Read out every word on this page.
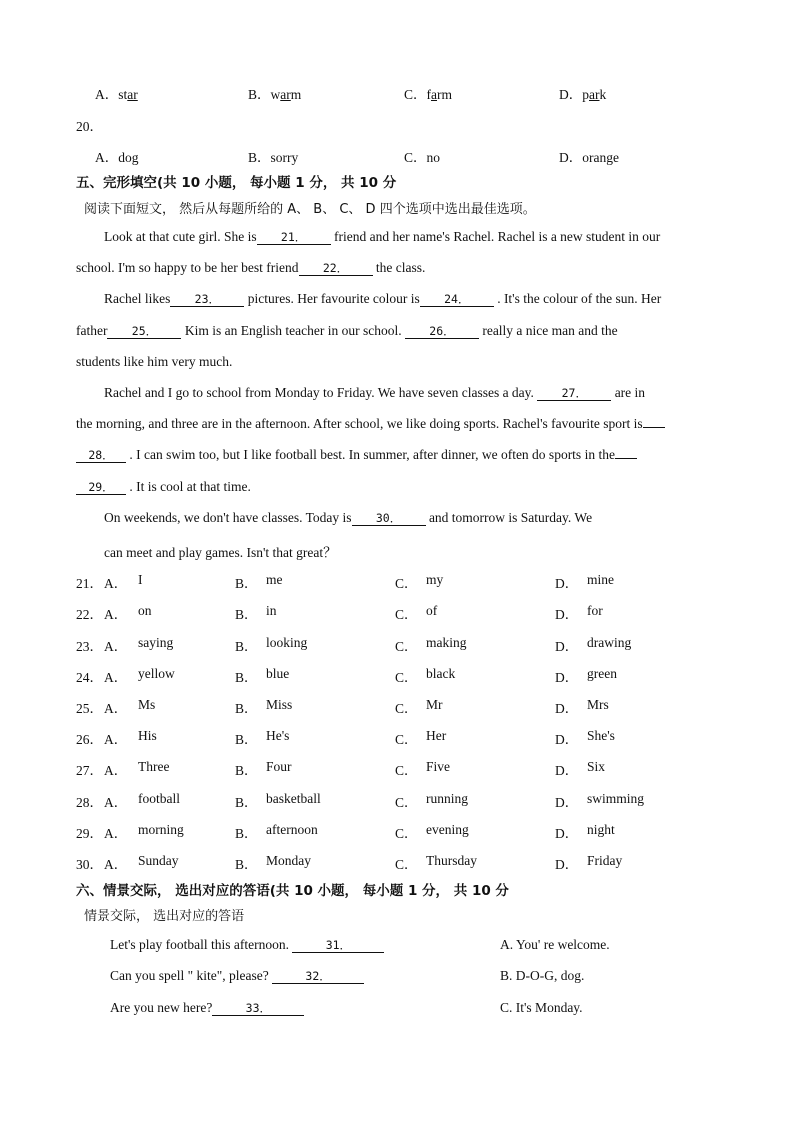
A．star	B．warm	C．farm	D．park
20．
A．dog	B．sorry	C．no	D．orange
五、完形填空(共 10 小题， 每小题 1 分， 共 10 分
阅读下面短文， 然后从每题所给的 A、 B、 C、 D 四个选项中选出最佳选项。
Look at that cute girl. She is 21． friend and her name's Rachel. Rachel is a new student in our
school. I'm so happy to be her best friend 22． the class.
Rachel likes 23． pictures. Her favourite colour is 24． . It's the colour of the sun. Her
father 25． Kim is an English teacher in our school. 26． really a nice man and the
students like him very much.
Rachel and I go to school from Monday to Friday. We have seven classes a day. 27． are in
the morning, and three are in the afternoon. After school, we like doing sports. Rachel's favourite sport is
28． . I can swim too, but I like football best. In summer, after dinner, we often do sports in the
29． . It is cool at that time.
On weekends, we don't have classes. Today is 30． and tomorrow is Saturday. We
can meet and play games. Isn't that great？
21． A． I	B． me	C． my	D． mine
22． A． on	B． in	C． of	D． for
23． A． saying	B． looking	C． making	D． drawing
24． A． yellow	B． blue	C． black	D． green
25． A． Ms	B． Miss	C． Mr	D． Mrs
26． A． His	B． He's	C． Her	D． She's
27． A． Three	B． Four	C． Five	D． Six
28． A． football	B． basketball	C． running	D． swimming
29． A． morning	B． afternoon	C． evening	D． night
30． A． Sunday	B． Monday	C． Thursday	D． Friday
六、情景交际， 选出对应的答语(共 10 小题， 每小题 1 分， 共 10 分
情景交际， 选出对应的答语
Let's play football this afternoon.	31．	A. You' re welcome.
Can you spell " kite", please?	32．	B. D-O-G, dog.
Are you new here?	33．	C. It's Monday.
